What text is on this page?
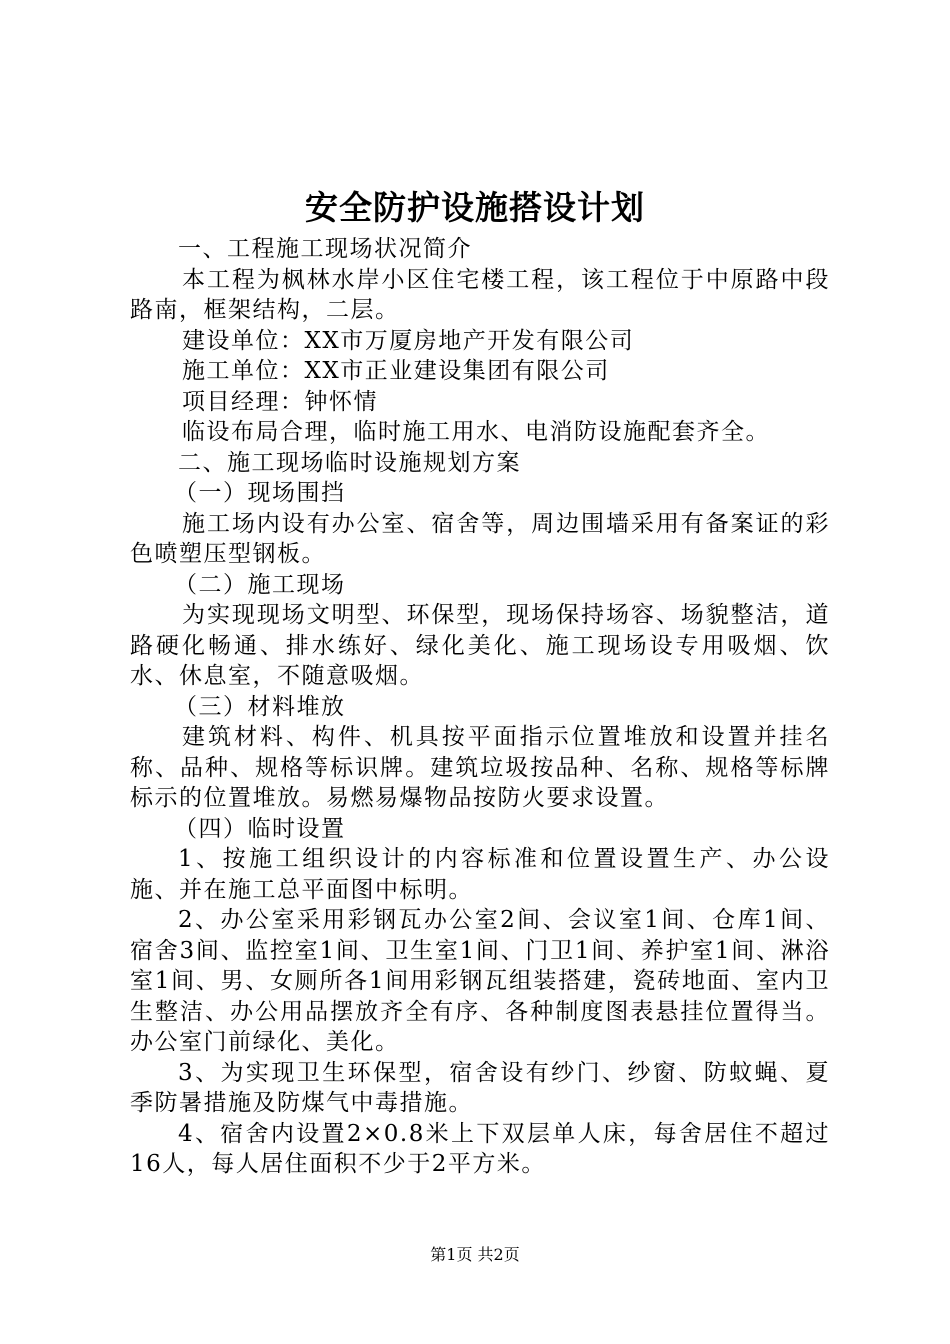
安全防护设施搭设计划

一、工程施工现场状况简介

本工程为枫林水岸小区住宅楼工程，该工程位于中原路中段路南，框架结构，二层。

建设单位：XX市万厦房地产开发有限公司

施工单位：XX市正业建设集团有限公司

项目经理：钟怀情

临设布局合理，临时施工用水、电消防设施配套齐全。

二、施工现场临时设施规划方案

（一）现场围挡

施工场内设有办公室、宿舍等，周边围墙采用有备案证的彩色喷塑压型钢板。

（二）施工现场

为实现现场文明型、环保型，现场保持场容、场貌整洁，道路硬化畅通、排水练好、绿化美化、施工现场设专用吸烟、饮水、休息室，不随意吸烟。

（三）材料堆放

建筑材料、构件、机具按平面指示位置堆放和设置并挂名称、品种、规格等标识牌。建筑垃圾按品种、名称、规格等标牌标示的位置堆放。易燃易爆物品按防火要求设置。

（四）临时设置

1、按施工组织设计的内容标准和位置设置生产、办公设施、并在施工总平面图中标明。

2、办公室采用彩钢瓦办公室2间、会议室1间、仓库1间、宿舍3间、监控室1间、卫生室1间、门卫1间、养护室1间、淋浴室1间、男、女厕所各1间用彩钢瓦组装搭建，瓷砖地面、室内卫生整洁、办公用品摆放齐全有序、各种制度图表悬挂位置得当。办公室门前绿化、美化。

3、为实现卫生环保型，宿舍设有纱门、纱窗、防蚊蝇、夏季防暑措施及防煤气中毒措施。

4、宿舍内设置2×0.8米上下双层单人床，每舍居住不超过16人，每人居住面积不少于2平方米。

第1页 共2页
